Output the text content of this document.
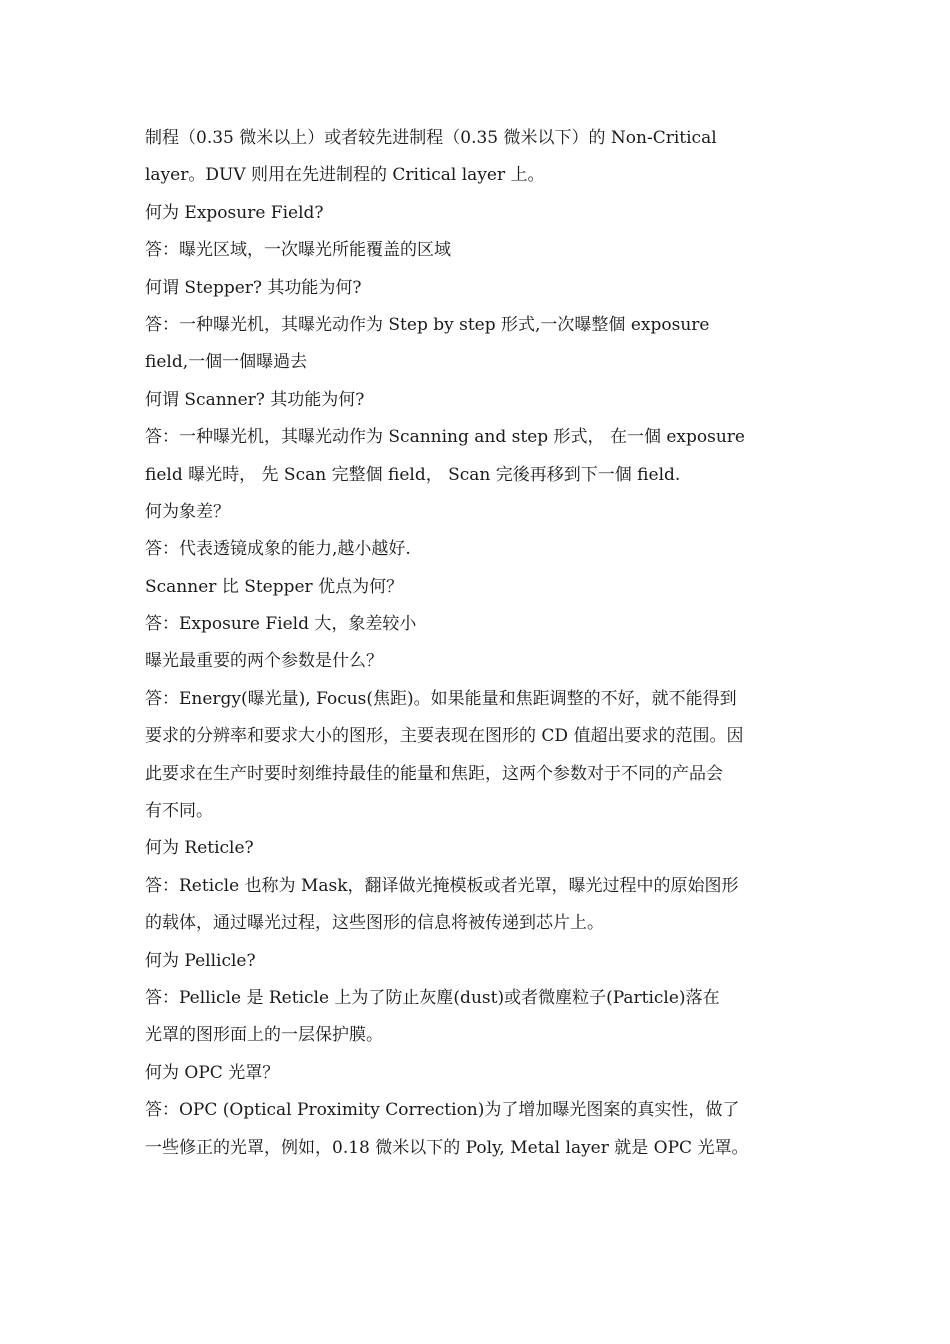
制程（0.35 微米以上）或者较先进制程（0.35 微米以下）的 Non-Critical
layer。DUV 则用在先进制程的 Critical layer 上。
何为 Exposure Field?
答：曝光区域，一次曝光所能覆盖的区域
何谓 Stepper? 其功能为何?
答：一种曝光机，其曝光动作为 Step by step 形式,一次曝整個 exposure
field,一個一個曝過去
何谓 Scanner? 其功能为何?
答：一种曝光机，其曝光动作为 Scanning and step 形式， 在一個 exposure
field 曝光時， 先 Scan 完整個 field， Scan 完後再移到下一個 field.
何为象差？
答：代表透镜成象的能力,越小越好.
Scanner 比 Stepper 优点为何？
答：Exposure Field 大，象差较小
曝光最重要的两个参数是什么？
答：Energy(曝光量), Focus(焦距)。如果能量和焦距调整的不好，就不能得到
要求的分辨率和要求大小的图形，主要表现在图形的 CD 值超出要求的范围。因
此要求在生产时要时刻维持最佳的能量和焦距，这两个参数对于不同的产品会
有不同。
何为 Reticle?
答：Reticle 也称为 Mask，翻译做光掩模板或者光罩，曝光过程中的原始图形
的载体，通过曝光过程，这些图形的信息将被传递到芯片上。
何为 Pellicle?
答：Pellicle 是 Reticle 上为了防止灰塵(dust)或者微塵粒子(Particle)落在
光罩的图形面上的一层保护膜。
何为 OPC 光罩？
答：OPC (Optical Proximity Correction)为了增加曝光图案的真实性，做了
一些修正的光罩，例如，0.18 微米以下的 Poly, Metal layer 就是 OPC 光罩。
